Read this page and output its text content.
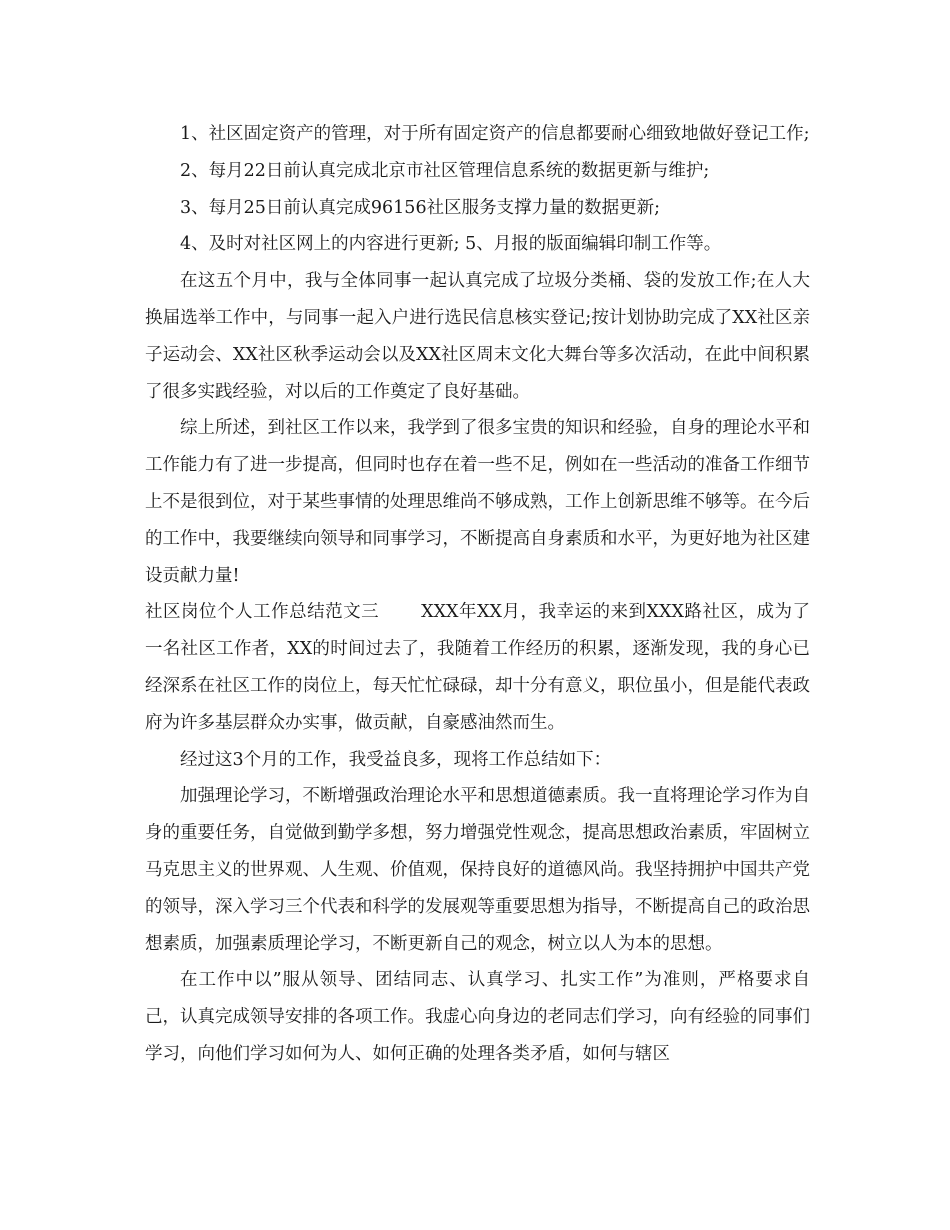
1、社区固定资产的管理，对于所有固定资产的信息都要耐心细致地做好登记工作;

2、每月22日前认真完成北京市社区管理信息系统的数据更新与维护;

3、每月25日前认真完成96156社区服务支撑力量的数据更新;

4、及时对社区网上的内容进行更新; 5、月报的版面编辑印制工作等。

在这五个月中，我与全体同事一起认真完成了垃圾分类桶、袋的发放工作;在人大换届选举工作中，与同事一起入户进行选民信息核实登记;按计划协助完成了XX社区亲子运动会、XX社区秋季运动会以及XX社区周末文化大舞台等多次活动，在此中间积累了很多实践经验，对以后的工作奠定了良好基础。

综上所述，到社区工作以来，我学到了很多宝贵的知识和经验，自身的理论水平和工作能力有了进一步提高，但同时也存在着一些不足，例如在一些活动的准备工作细节上不是很到位，对于某些事情的处理思维尚不够成熟，工作上创新思维不够等。在今后的工作中，我要继续向领导和同事学习，不断提高自身素质和水平，为更好地为社区建设贡献力量!

社区岗位个人工作总结范文三 XXX年XX月，我幸运的来到XXX路社区，成为了一名社区工作者，XX的时间过去了，我随着工作经历的积累，逐渐发现，我的身心已经深系在社区工作的岗位上，每天忙忙碌碌，却十分有意义，职位虽小，但是能代表政府为许多基层群众办实事，做贡献，自豪感油然而生。

经过这3个月的工作，我受益良多，现将工作总结如下：

加强理论学习，不断增强政治理论水平和思想道德素质。我一直将理论学习作为自身的重要任务，自觉做到勤学多想，努力增强党性观念，提高思想政治素质，牢固树立马克思主义的世界观、人生观、价值观，保持良好的道德风尚。我坚持拥护中国共产党的领导，深入学习三个代表和科学的发展观等重要思想为指导，不断提高自己的政治思想素质，加强素质理论学习，不断更新自己的观念，树立以人为本的思想。

在工作中以”服从领导、团结同志、认真学习、扎实工作”为准则，严格要求自己，认真完成领导安排的各项工作。我虚心向身边的老同志们学习，向有经验的同事们学习，向他们学习如何为人、如何正确的处理各类矛盾，如何与辖区
